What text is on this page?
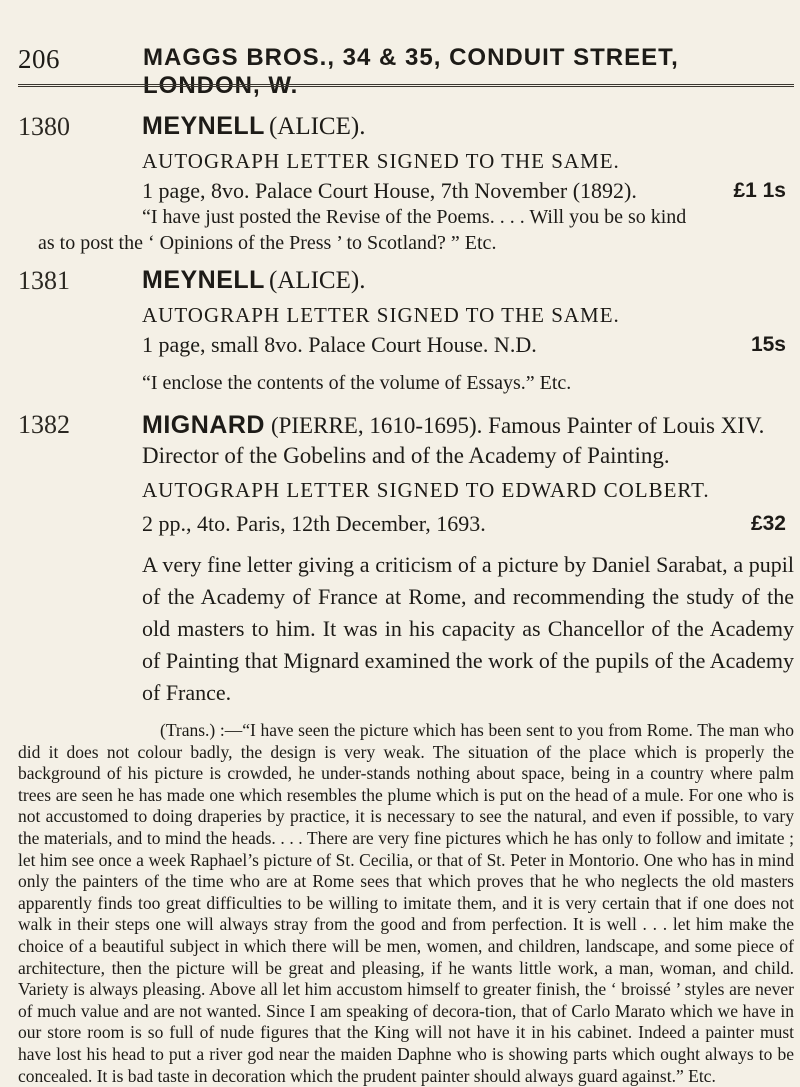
206	MAGGS BROS., 34 & 35, CONDUIT STREET, LONDON, W.
1380	MEYNELL (ALICE).
AUTOGRAPH LETTER SIGNED TO THE SAME.
1 page, 8vo. Palace Court House, 7th November (1892).	£1 1s
“I have just posted the Revise of the Poems. . . . Will you be so kind
as to post the ‘ Opinions of the Press ’ to Scotland? ” Etc.
1381	MEYNELL (ALICE).
AUTOGRAPH LETTER SIGNED TO THE SAME.
1 page, small 8vo. Palace Court House. N.D.	15s
“I enclose the contents of the volume of Essays.” Etc.
1382	MIGNARD (PIERRE, 1610-1695). Famous Painter of Louis XIV. Director of the Gobelins and of the Academy of Painting.
AUTOGRAPH LETTER SIGNED TO EDWARD COLBERT.
2 pp., 4to. Paris, 12th December, 1693.	£32
A very fine letter giving a criticism of a picture by Daniel Sarabat, a pupil of the Academy of France at Rome, and recommending the study of the old masters to him. It was in his capacity as Chancellor of the Academy of Painting that Mignard examined the work of the pupils of the Academy of France.
(Trans.) :—“I have seen the picture which has been sent to you from Rome. The man who did it does not colour badly, the design is very weak. The situation of the place which is properly the background of his picture is crowded, he under-stands nothing about space, being in a country where palm trees are seen he has made one which resembles the plume which is put on the head of a mule. For one who is not accustomed to doing draperies by practice, it is necessary to see the natural, and even if possible, to vary the materials, and to mind the heads. . . . There are very fine pictures which he has only to follow and imitate ; let him see once a week Raphael’s picture of St. Cecilia, or that of St. Peter in Montorio. One who has in mind only the painters of the time who are at Rome sees that which proves that he who neglects the old masters apparently finds too great difficulties to be willing to imitate them, and it is very certain that if one does not walk in their steps one will always stray from the good and from perfection. It is well . . . let him make the choice of a beautiful subject in which there will be men, women, and children, landscape, and some piece of architecture, then the picture will be great and pleasing, if he wants little work, a man, woman, and child. Variety is always pleasing. Above all let him accustom himself to greater finish, the ‘ broissé ’ styles are never of much value and are not wanted. Since I am speaking of decora-tion, that of Carlo Marato which we have in our store room is so full of nude figures that the King will not have it in his cabinet. Indeed a painter must have lost his head to put a river god near the maiden Daphne who is showing parts which ought always to be concealed. It is bad taste in decoration which the prudent painter should always guard against.” Etc.
